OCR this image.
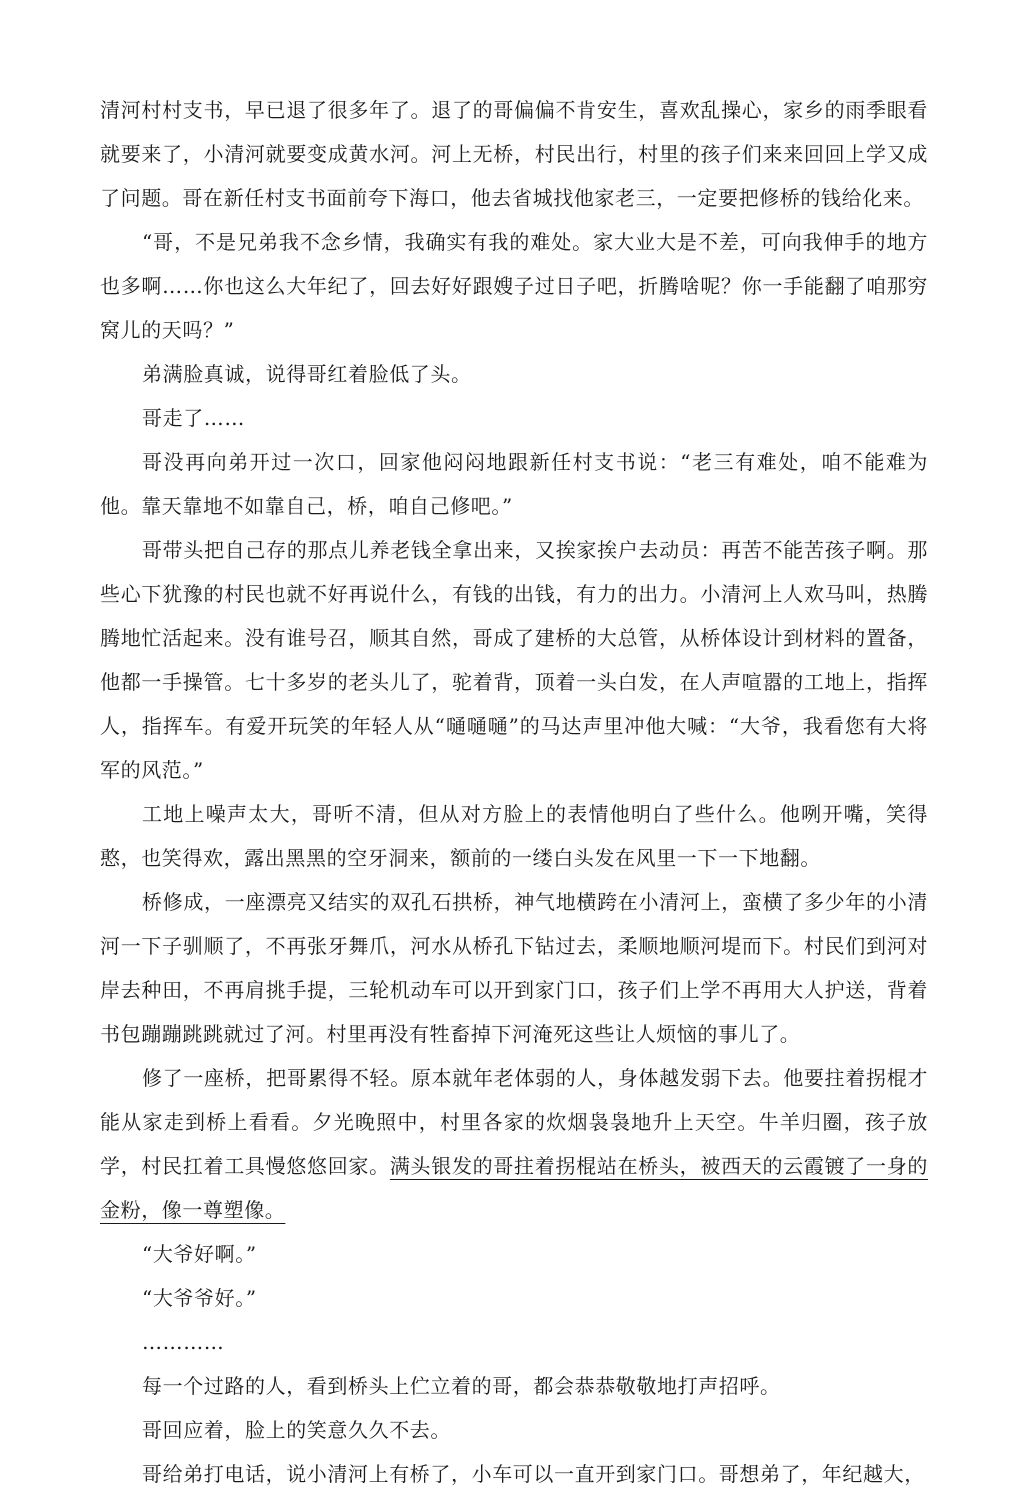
清河村村支书，早已退了很多年了。退了的哥偏偏不肯安生，喜欢乱操心，家乡的雨季眼看就要来了，小清河就要变成黄水河。河上无桥，村民出行，村里的孩子们来来回回上学又成了问题。哥在新任村支书面前夸下海口，他去省城找他家老三，一定要把修桥的钱给化来。

“哥，不是兄弟我不念乡情，我确实有我的难处。家大业大是不差，可向我伸手的地方也多啊……你也这么大年纪了，回去好好跟嫂子过日子吧，折腾啥呢？你一手能翻了咱那穷窝儿的天吗？”

弟满脸真诚，说得哥红着脸低了头。

哥走了……

哥没再向弟开过一次口，回家他闷闷地跟新任村支书说：“老三有难处，咱不能难为他。靠天靠地不如靠自己，桥，咱自己修吧。”

哥带头把自己存的那点儿养老钱全拿出来，又挨家挨户去动员：再苦不能苦孩子啊。那些心下犹豫的村民也就不好再说什么，有钱的出钱，有力的出力。小清河上人欢马叫，热腾腾地忙活起来。没有谁号召，顺其自然，哥成了建桥的大总管，从桥体设计到材料的置备，他都一手操管。七十多岁的老头儿了，驼着背，顶着一头白发，在人声喧嚣的工地上，指挥人，指挥车。有爱开玩笑的年轻人从“嗵嗵嗵”的马达声里冲他大喊：“大爷，我看您有大将军的风范。”

工地上噪声太大，哥听不清，但从对方脸上的表情他明白了些什么。他咧开嘴，笑得憨，也笑得欢，露出黑黑的空牙洞来，额前的一缕白头发在风里一下一下地翻。

桥修成，一座漂亮又结实的双孔石拱桥，神气地横跨在小清河上，蛮横了多少年的小清河一下子驯顺了，不再张牙舞爪，河水从桥孔下钻过去，柔顺地顺河堤而下。村民们到河对岸去种田，不再肩挑手提，三轮机动车可以开到家门口，孩子们上学不再用大人护送，背着书包蹦蹦跳跳就过了河。村里再没有牲畜掉下河淹死这些让人烦恼的事儿了。

修了一座桥，把哥累得不轻。原本就年老体弱的人，身体越发弱下去。他要拄着拐棍才能从家走到桥上看看。夕光晚照中，村里各家的炊烟袅袅地升上天空。牛羊归圈，孩子放学，村民扛着工具慢悠悠回家。满头银发的哥拄着拐棍站在桥头，被西天的云霞镀了一身的金粉，像一尊塑像。

“大爷好啊。”

“大爷爷好。”

…………

每一个过路的人，看到桥头上伫立着的哥，都会恭恭敬敬地打声招呼。

哥回应着，脸上的笑意久久不去。

哥给弟打电话，说小清河上有桥了，小车可以一直开到家门口。哥想弟了，年纪越大，
